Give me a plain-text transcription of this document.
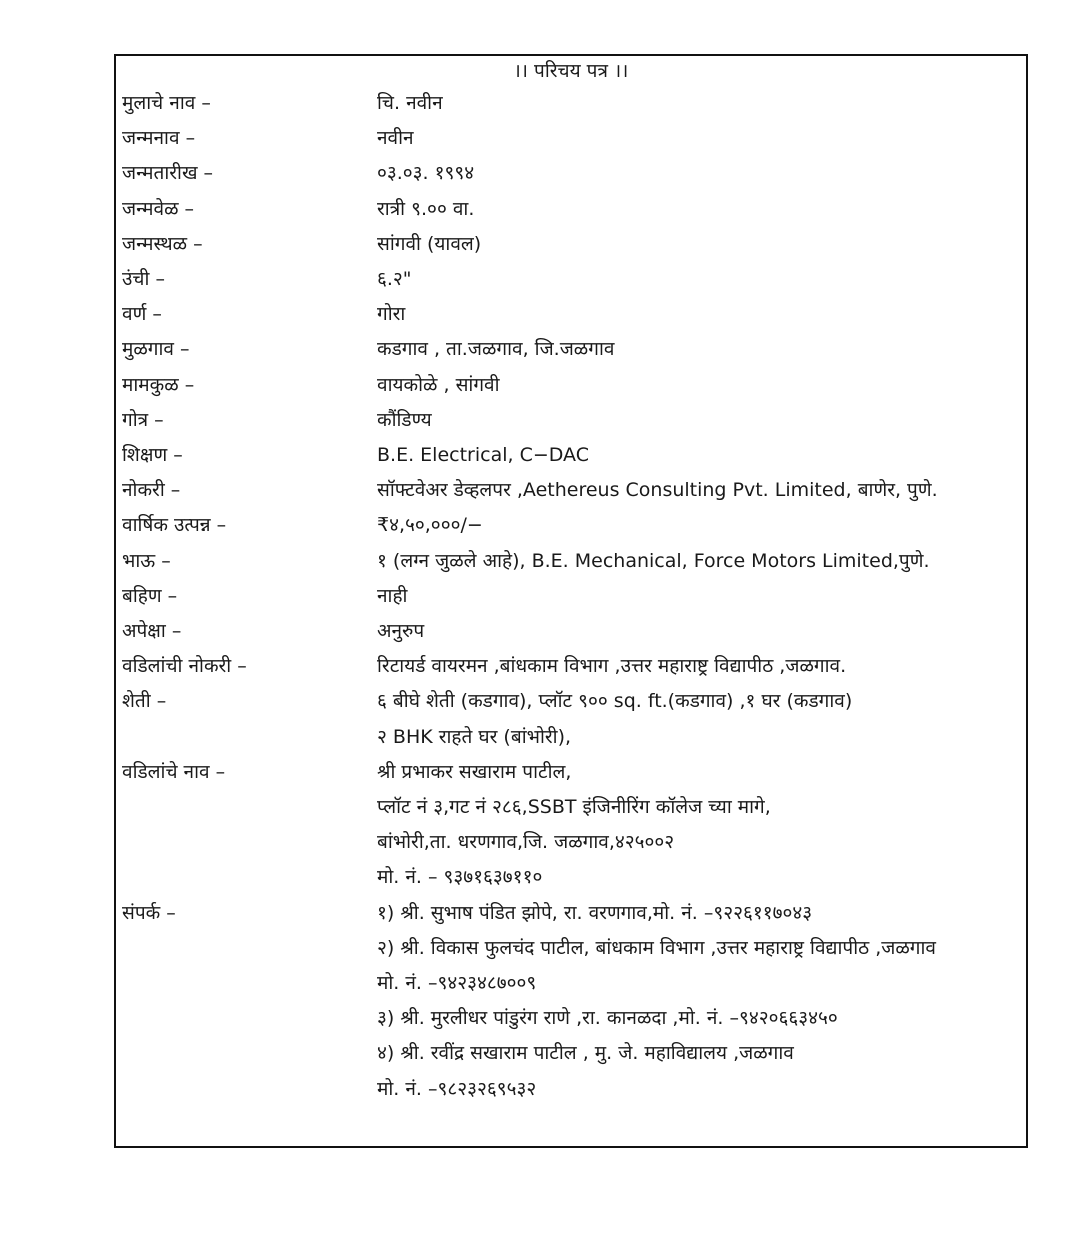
।। परिचय पत्र ।।
मुलाचे नाव –	चि. नवीन
जन्मनाव –	नवीन
जन्मतारीख –	०३.०३. १९९४
जन्मवेळ –	रात्री ९.०० वा.
जन्मस्थळ –	सांगवी (यावल)
उंची –	६.२"
वर्ण –	गोरा
मुळगाव –	कडगाव , ता.जळगाव, जि.जळगाव
मामकुळ –	वायकोळे , सांगवी
गोत्र –	कौंडिण्य
शिक्षण –	B.E. Electrical, C−DAC
नोकरी –	सॉफ्टवेअर डेव्हलपर ,Aethereus Consulting Pvt. Limited, बाणेर, पुणे.
वार्षिक उत्पन्न –	₹४,५०,०००/−
भाऊ –	१ (लग्न जुळले आहे), B.E. Mechanical, Force Motors Limited,पुणे.
बहिण –	नाही
अपेक्षा –	अनुरुप
वडिलांची नोकरी –	रिटायर्ड वायरमन ,बांधकाम विभाग ,उत्तर महाराष्ट्र विद्यापीठ ,जळगाव.
शेती –	६ बीघे शेती (कडगाव), प्लॉट ९०० sq. ft.(कडगाव) ,१ घर (कडगाव)
२ BHK राहते घर (बांभोरी),
वडिलांचे नाव –	श्री प्रभाकर सखाराम पाटील,
प्लॉट नं ३,गट नं २८६,SSBT इंजिनीरिंग कॉलेज च्या मागे,
बांभोरी,ता. धरणगाव,जि. जळगाव,४२५००२
मो. नं. – ९३७१६३७११०
संपर्क –	१) श्री. सुभाष पंडित झोपे, रा. वरणगाव,मो. नं. –९२२६११७०४३
२) श्री. विकास फुलचंद पाटील, बांधकाम विभाग ,उत्तर महाराष्ट्र विद्यापीठ ,जळगाव
मो. नं. –९४२३४८७००९
३) श्री. मुरलीधर पांडुरंग राणे ,रा. कानळदा ,मो. नं. –९४२०६६३४५०
४) श्री. रवींद्र सखाराम पाटील , मु. जे. महाविद्यालय ,जळगाव
मो. नं. –९८२३२६९५३२
